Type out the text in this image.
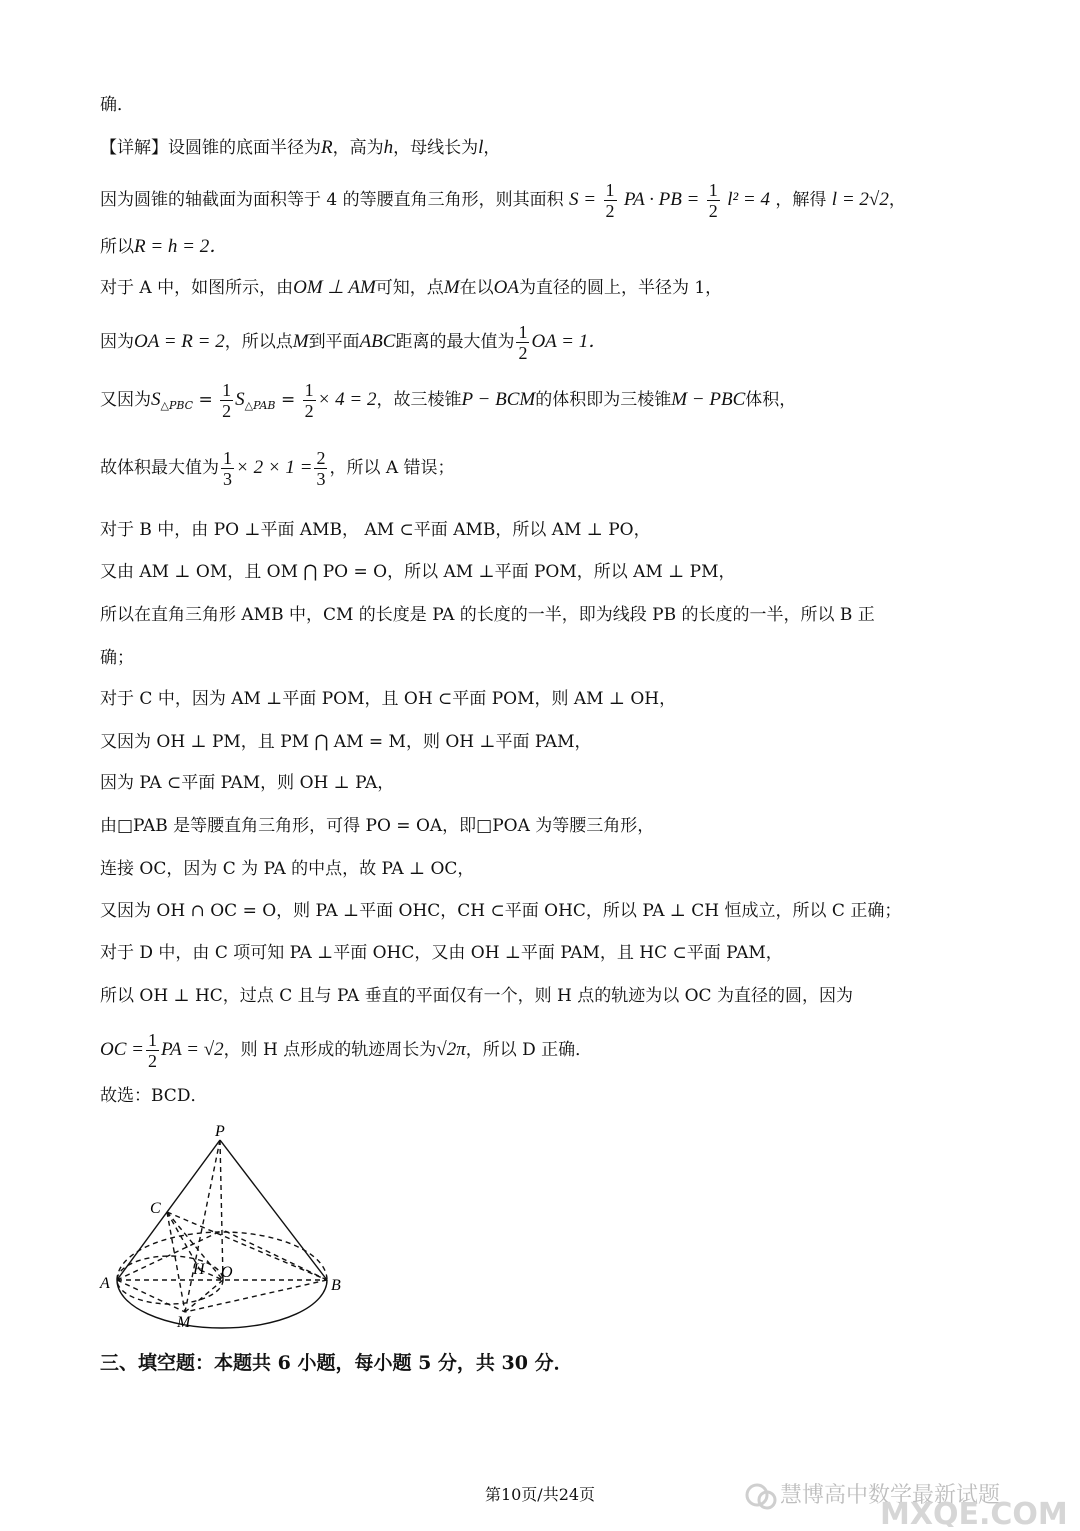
确．
【详解】设圆锥的底面半径为R，高为h，母线长为l，
因为圆锥的轴截面为面积等于 4 的等腰直角三角形，则其面积 $S = \frac{1}{2}$ PA · PB = $\frac{1}{2} l^2 = 4$ ，解得 l = 2√2，
所以R = h = 2．
对于 A 中，如图所示，由OM ⊥ AM可知，点M在以OA为直径的圆上，半径为 1，
因为OA = R = 2，所以点M到平面ABC距离的最大值为 $\frac{1}{2}$ OA = 1．
又因为$S_{\triangle PBC} = \frac{1}{2} S_{\triangle PAB} = \frac{1}{2} \times 4 = 2$，故三棱锥P − BCM的体积即为三棱锥M − PBC体积，
故体积最大值为 $\frac{1}{3} \times 2 \times 1 = \frac{2}{3}$ ，所以 A 错误；
对于 B 中，由 PO ⊥平面 AMB， AM ⊂平面 AMB，所以 AM ⊥ PO，
又由 AM ⊥ OM，且 OM ⋂ PO = O，所以 AM ⊥平面 POM，所以 AM ⊥ PM，
所以在直角三角形 AMB 中，CM 的长度是 PA 的长度的一半，即为线段 PB 的长度的一半，所以 B 正
确；
对于 C 中，因为 AM ⊥平面 POM，且 OH ⊂平面 POM，则 AM ⊥ OH，
又因为 OH ⊥ PM，且 PM ⋂ AM = M，则 OH ⊥平面 PAM，
因为 PA ⊂平面 PAM，则 OH ⊥ PA，
由□PAB 是等腰直角三角形，可得 PO = OA，即□POA 为等腰三角形，
连接 OC，因为 C 为 PA 的中点，故 PA ⊥ OC，
又因为 OH ∩ OC = O，则 PA ⊥平面 OHC，CH ⊂平面 OHC，所以 PA ⊥ CH 恒成立，所以 C 正确；
对于 D 中，由 C 项可知 PA ⊥平面 OHC，又由 OH ⊥平面 PAM，且 HC ⊂平面 PAM，
所以 OH ⊥ HC，过点 C 且与 PA 垂直的平面仅有一个，则 H 点的轨迹为以 OC 为直径的圆，因为
OC = $\frac{1}{2}$ PA = √2，则 H 点形成的轨迹周长为√2π，所以 D 正确．
故选：BCD．
P
C
A	B
H O
M
三、填空题：本题共 6 小题，每小题 5 分，共 30 分．
慧博高中数学最新试题
MXQE.COM
第10页/共24页
